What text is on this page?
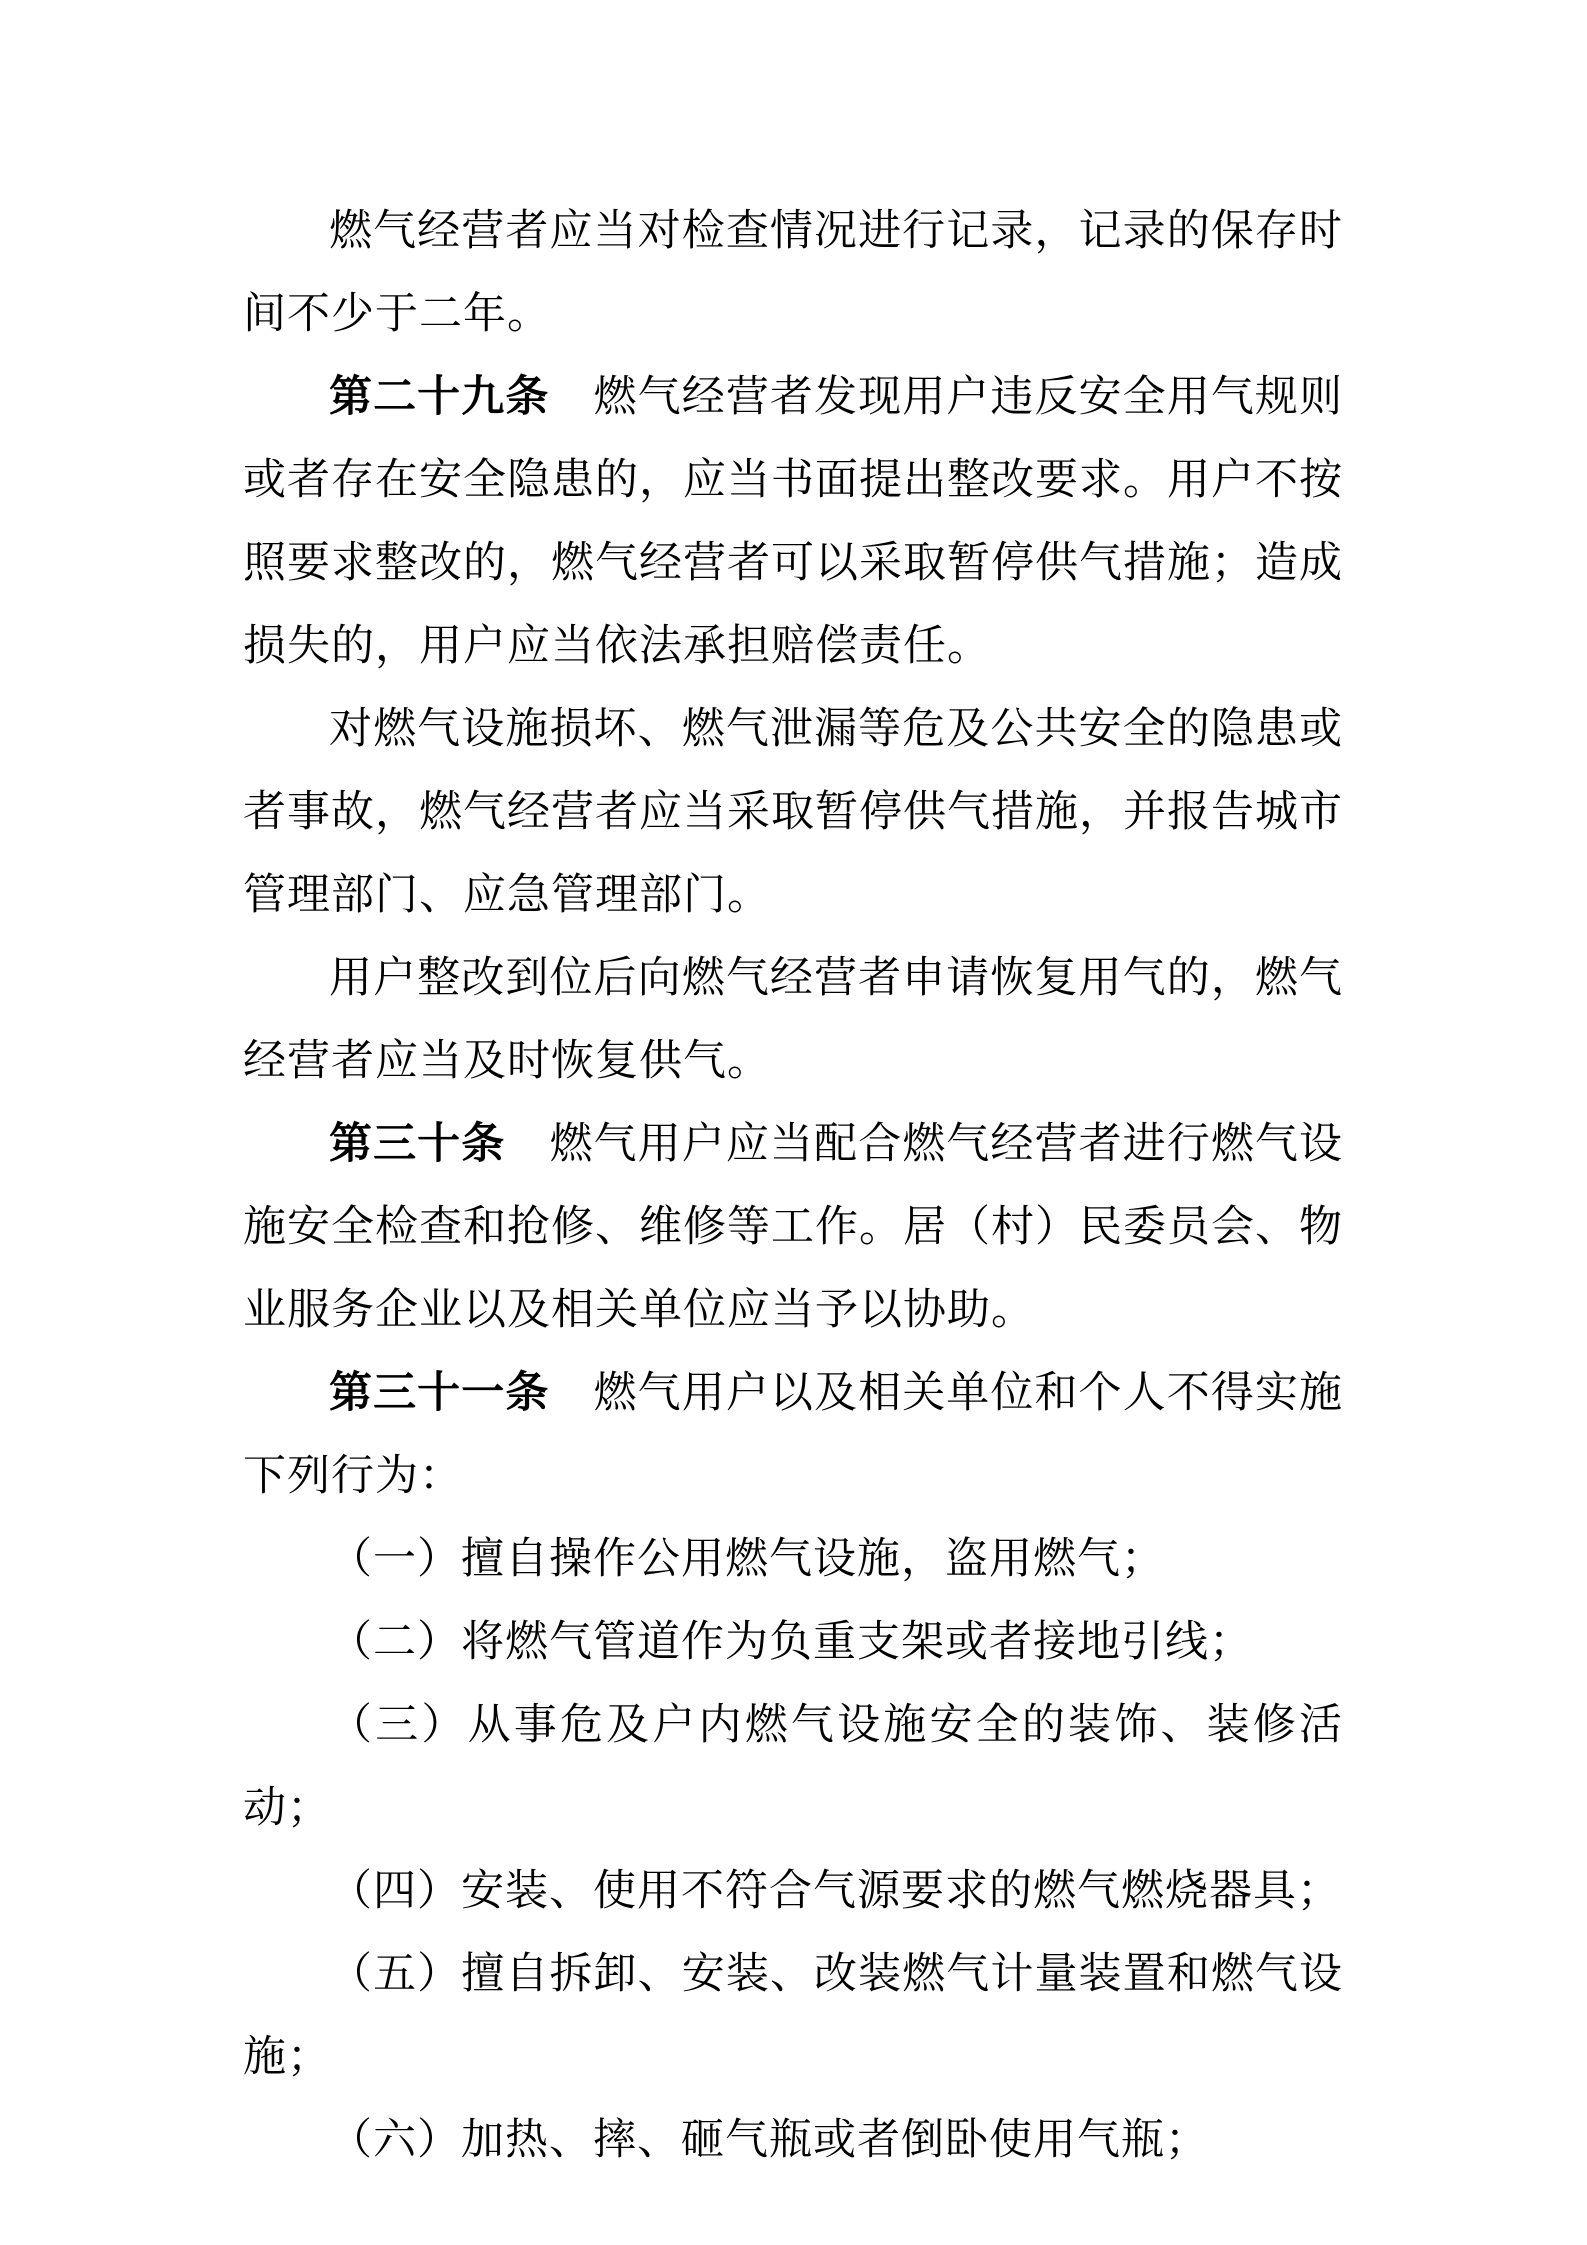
燃气经营者应当对检查情况进行记录，记录的保存时间不少于二年。

第二十九条　燃气经营者发现用户违反安全用气规则或者存在安全隐患的，应当书面提出整改要求。用户不按照要求整改的，燃气经营者可以采取暂停供气措施；造成损失的，用户应当依法承担赔偿责任。

对燃气设施损坏、燃气泄漏等危及公共安全的隐患或者事故，燃气经营者应当采取暂停供气措施，并报告城市管理部门、应急管理部门。

用户整改到位后向燃气经营者申请恢复用气的，燃气经营者应当及时恢复供气。

第三十条　燃气用户应当配合燃气经营者进行燃气设施安全检查和抢修、维修等工作。居（村）民委员会、物业服务企业以及相关单位应当予以协助。

第三十一条　燃气用户以及相关单位和个人不得实施下列行为：

（一）擅自操作公用燃气设施，盗用燃气；

（二）将燃气管道作为负重支架或者接地引线；

（三）从事危及户内燃气设施安全的装饰、装修活动；

（四）安装、使用不符合气源要求的燃气燃烧器具；

（五）擅自拆卸、安装、改装燃气计量装置和燃气设施；

（六）加热、摔、砸气瓶或者倒卧使用气瓶；
